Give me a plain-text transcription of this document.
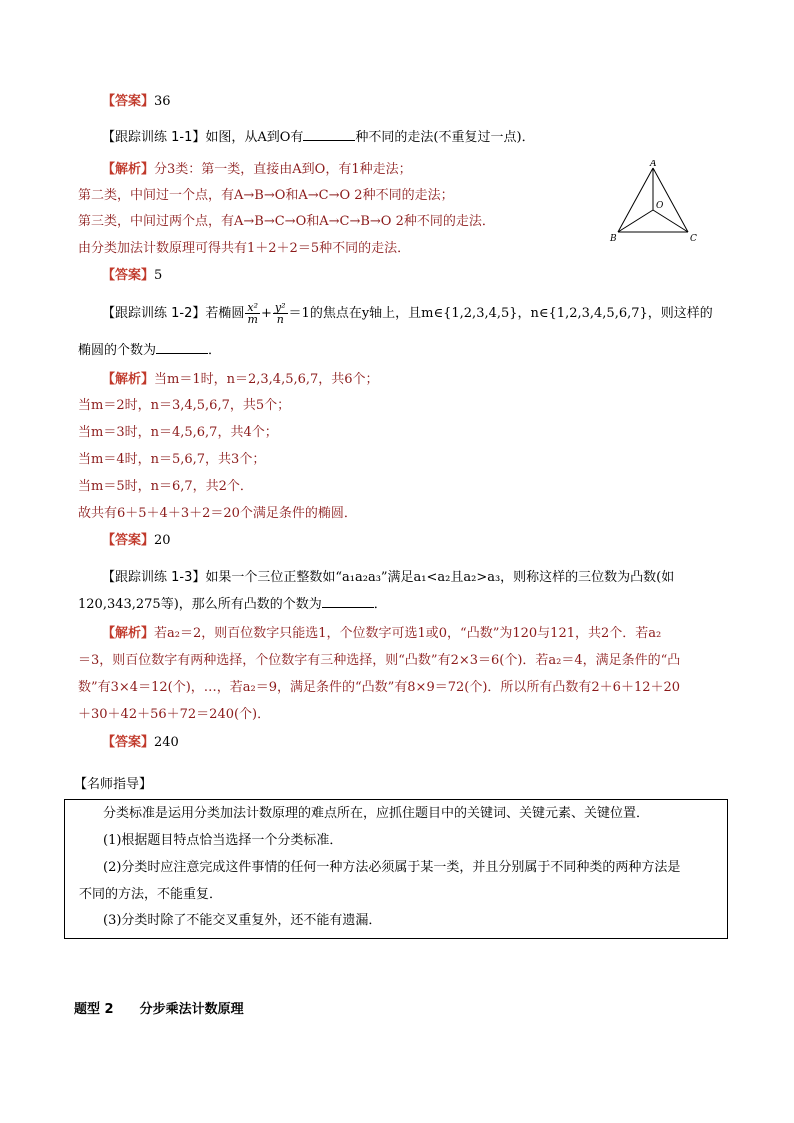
【答案】36
【跟踪训练 1-1】如图，从A到O有	种不同的走法(不重复过一点)．
【解析】分3类：第一类，直接由A到O，有1种走法；
第二类，中间过一个点，有A→B→O和A→C→O 2种不同的走法；
第三类，中间过两个点，有A→B→C→O和A→C→B→O 2种不同的走法．
由分类加法计数原理可得共有1＋2＋2＝5种不同的走法．
【答案】5
A
B	C
O
【跟踪训练 1-2】若椭圆 $\frac{\text{x²}}{m} + \frac{\text{y²}}{n} =1$的焦点在y轴上，且m∈{1,2,3,4,5}，n∈{1,2,3,4,5,6,7}，则这样的
椭圆的个数为	．
【解析】当m＝1时，n＝2,3,4,5,6,7，共6个；
当m＝2时，n＝3,4,5,6,7，共5个；
当m＝3时，n＝4,5,6,7，共4个；
当m＝4时，n＝5,6,7，共3个；
当m＝5时，n＝6,7，共2个．
故共有6＋5＋4＋3＋2＝20个满足条件的椭圆．
【答案】20
【跟踪训练 1-3】如果一个三位正整数如“a₁a₂a₃”满足a₁<a₂且a₂>a₃，则称这样的三位数为凸数(如
120,343,275等)，那么所有凸数的个数为	．
【解析】若a₂＝2，则百位数字只能选1，个位数字可选1或0，“凸数”为120与121，共2个．若a₂
＝3，则百位数字有两种选择，个位数字有三种选择，则“凸数”有2×3＝6(个)．若a₂＝4，满足条件的“凸
数”有3×4＝12(个)，…，若a₂＝9，满足条件的“凸数”有8×9＝72(个)．所以所有凸数有2＋6＋12＋20
＋30＋42＋56＋72＝240(个)．
【答案】240
【名师指导】
分类标准是运用分类加法计数原理的难点所在，应抓住题目中的关键词、关键元素、关键位置．
(1)根据题目特点恰当选择一个分类标准．
(2)分类时应注意完成这件事情的任何一种方法必须属于某一类，并且分别属于不同种类的两种方法是
不同的方法，不能重复．
(3)分类时除了不能交叉重复外，还不能有遗漏．
题型 2 分步乘法计数原理
